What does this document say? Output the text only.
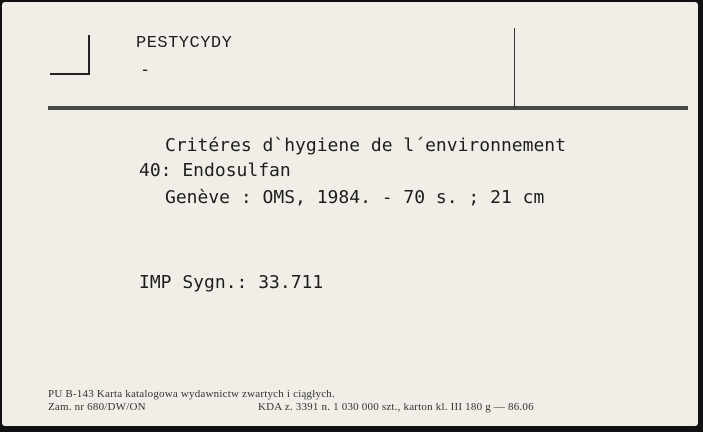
PESTYCYDY

-

Critéres d`hygiene de l´environnement

40: Endosulfan

Genève : OMS, 1984. - 70 s. ; 21 cm

IMP Sygn.: 33.711

PU B-143 Karta katalogowa wydawnictw zwartych i ciągłych.

Zam. nr 680/DW/ON	KDA z. 3391 n. 1 030 000 szt., karton kl. III 180 g — 86.06
